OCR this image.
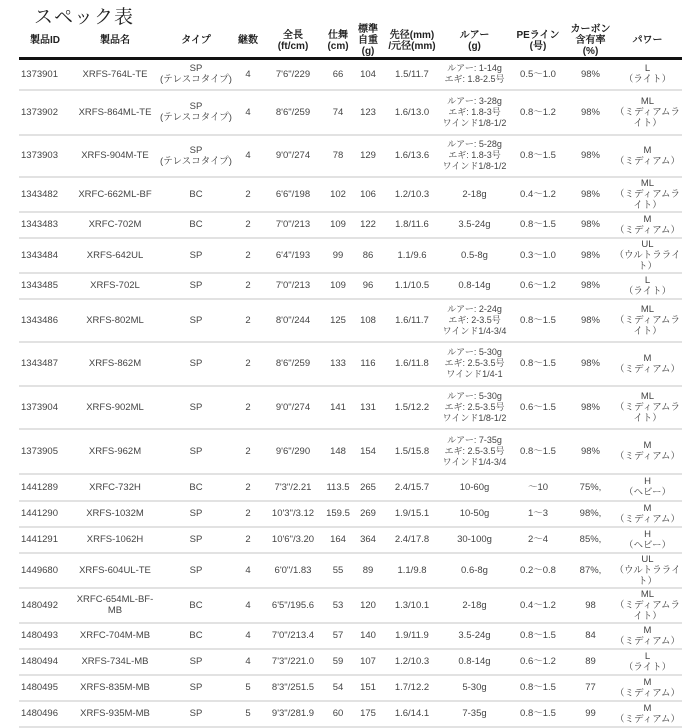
スペック表
製品ID	製品名	タイプ	継数	全長
(ft/cm)	仕舞
(cm)	標準
自重
(g)	先径(mm)
/元径(mm)	ルアー
(g)	PEライン
(号)	カーボン
含有率
(%)	パワー

1373901	XRFS-764L-TE	SP
(テレスコタイプ)	4	7'6"/229	66	104	1.5/11.7	ルアー: 1-14g
エギ: 1.8-2.5号	0.5～1.0	98%	L
（ライト）

1373902	XRFS-864ML-TE	SP
(テレスコタイプ)	4	8'6"/259	74	123	1.6/13.0	ルアー: 3-28g
エギ: 1.8-3号
ワインド1/8-1/2	0.8～1.2	98%	ML
（ミディアムライト）

1373903	XRFS-904M-TE	SP
(テレスコタイプ)	4	9'0"/274	78	129	1.6/13.6	ルアー: 5-28g
エギ: 1.8-3号
ワインド1/8-1/2	0.8～1.5	98%	M
（ミディアム）

1343482	XRFC-662ML-BF	BC	2	6'6"/198	102	106	1.2/10.3	2-18g	0.4～1.2	98%	ML
（ミディアムライト）

1343483	XRFC-702M	BC	2	7'0"/213	109	122	1.8/11.6	3.5-24g	0.8～1.5	98%	M
（ミディアム）

1343484	XRFS-642UL	SP	2	6'4"/193	99	86	1.1/9.6	0.5-8g	0.3～1.0	98%	UL
（ウルトラライト）

1343485	XRFS-702L	SP	2	7'0"/213	109	96	1.1/10.5	0.8-14g	0.6～1.2	98%	L
（ライト）

1343486	XRFS-802ML	SP	2	8'0"/244	125	108	1.6/11.7	ルアー: 2-24g
エギ: 2-3.5号
ワインド1/4-3/4	0.8～1.5	98%	ML
（ミディアムライト）

1343487	XRFS-862M	SP	2	8'6"/259	133	116	1.6/11.8	ルアー: 5-30g
エギ: 2.5-3.5号
ワインド1/4-1	0.8～1.5	98%	M
（ミディアム）

1373904	XRFS-902ML	SP	2	9'0"/274	141	131	1.5/12.2	ルアー: 5-30g
エギ: 2.5-3.5号
ワインド1/8-1/2	0.6～1.5	98%	ML
（ミディアムライト）

1373905	XRFS-962M	SP	2	9'6"/290	148	154	1.5/15.8	ルアー: 7-35g
エギ: 2.5-3.5号
ワインド1/4-3/4	0.8～1.5	98%	M
（ミディアム）

1441289	XRFC-732H	BC	2	7'3"/2.21	113.5	265	2.4/15.7	10-60g	～10	75%,	H
（ヘビー）

1441290	XRFS-1032M	SP	2	10'3"/3.12	159.5	269	1.9/15.1	10-50g	1～3	98%,	M
（ミディアム）

1441291	XRFS-1062H	SP	2	10'6"/3.20	164	364	2.4/17.8	30-100g	2～4	85%,	H
（ヘビー）

1449680	XRFS-604UL-TE	SP	4	6'0"/1.83	55	89	1.1/9.8	0.6-8g	0.2～0.8	87%,	UL
（ウルトラライト）

1480492	XRFC-654ML-BF-MB	BC	4	6'5"/195.6	53	120	1.3/10.1	2-18g	0.4～1.2	98	ML
（ミディアムライト）

1480493	XRFC-704M-MB	BC	4	7'0"/213.4	57	140	1.9/11.9	3.5-24g	0.8～1.5	84	M
（ミディアム）

1480494	XRFS-734L-MB	SP	4	7'3"/221.0	59	107	1.2/10.3	0.8-14g	0.6～1.2	89	L
（ライト）

1480495	XRFS-835M-MB	SP	5	8'3"/251.5	54	151	1.7/12.2	5-30g	0.8～1.5	77	M
（ミディアム）

1480496	XRFS-935M-MB	SP	5	9'3"/281.9	60	175	1.6/14.1	7-35g	0.8～1.5	99	M
（ミディアム）
